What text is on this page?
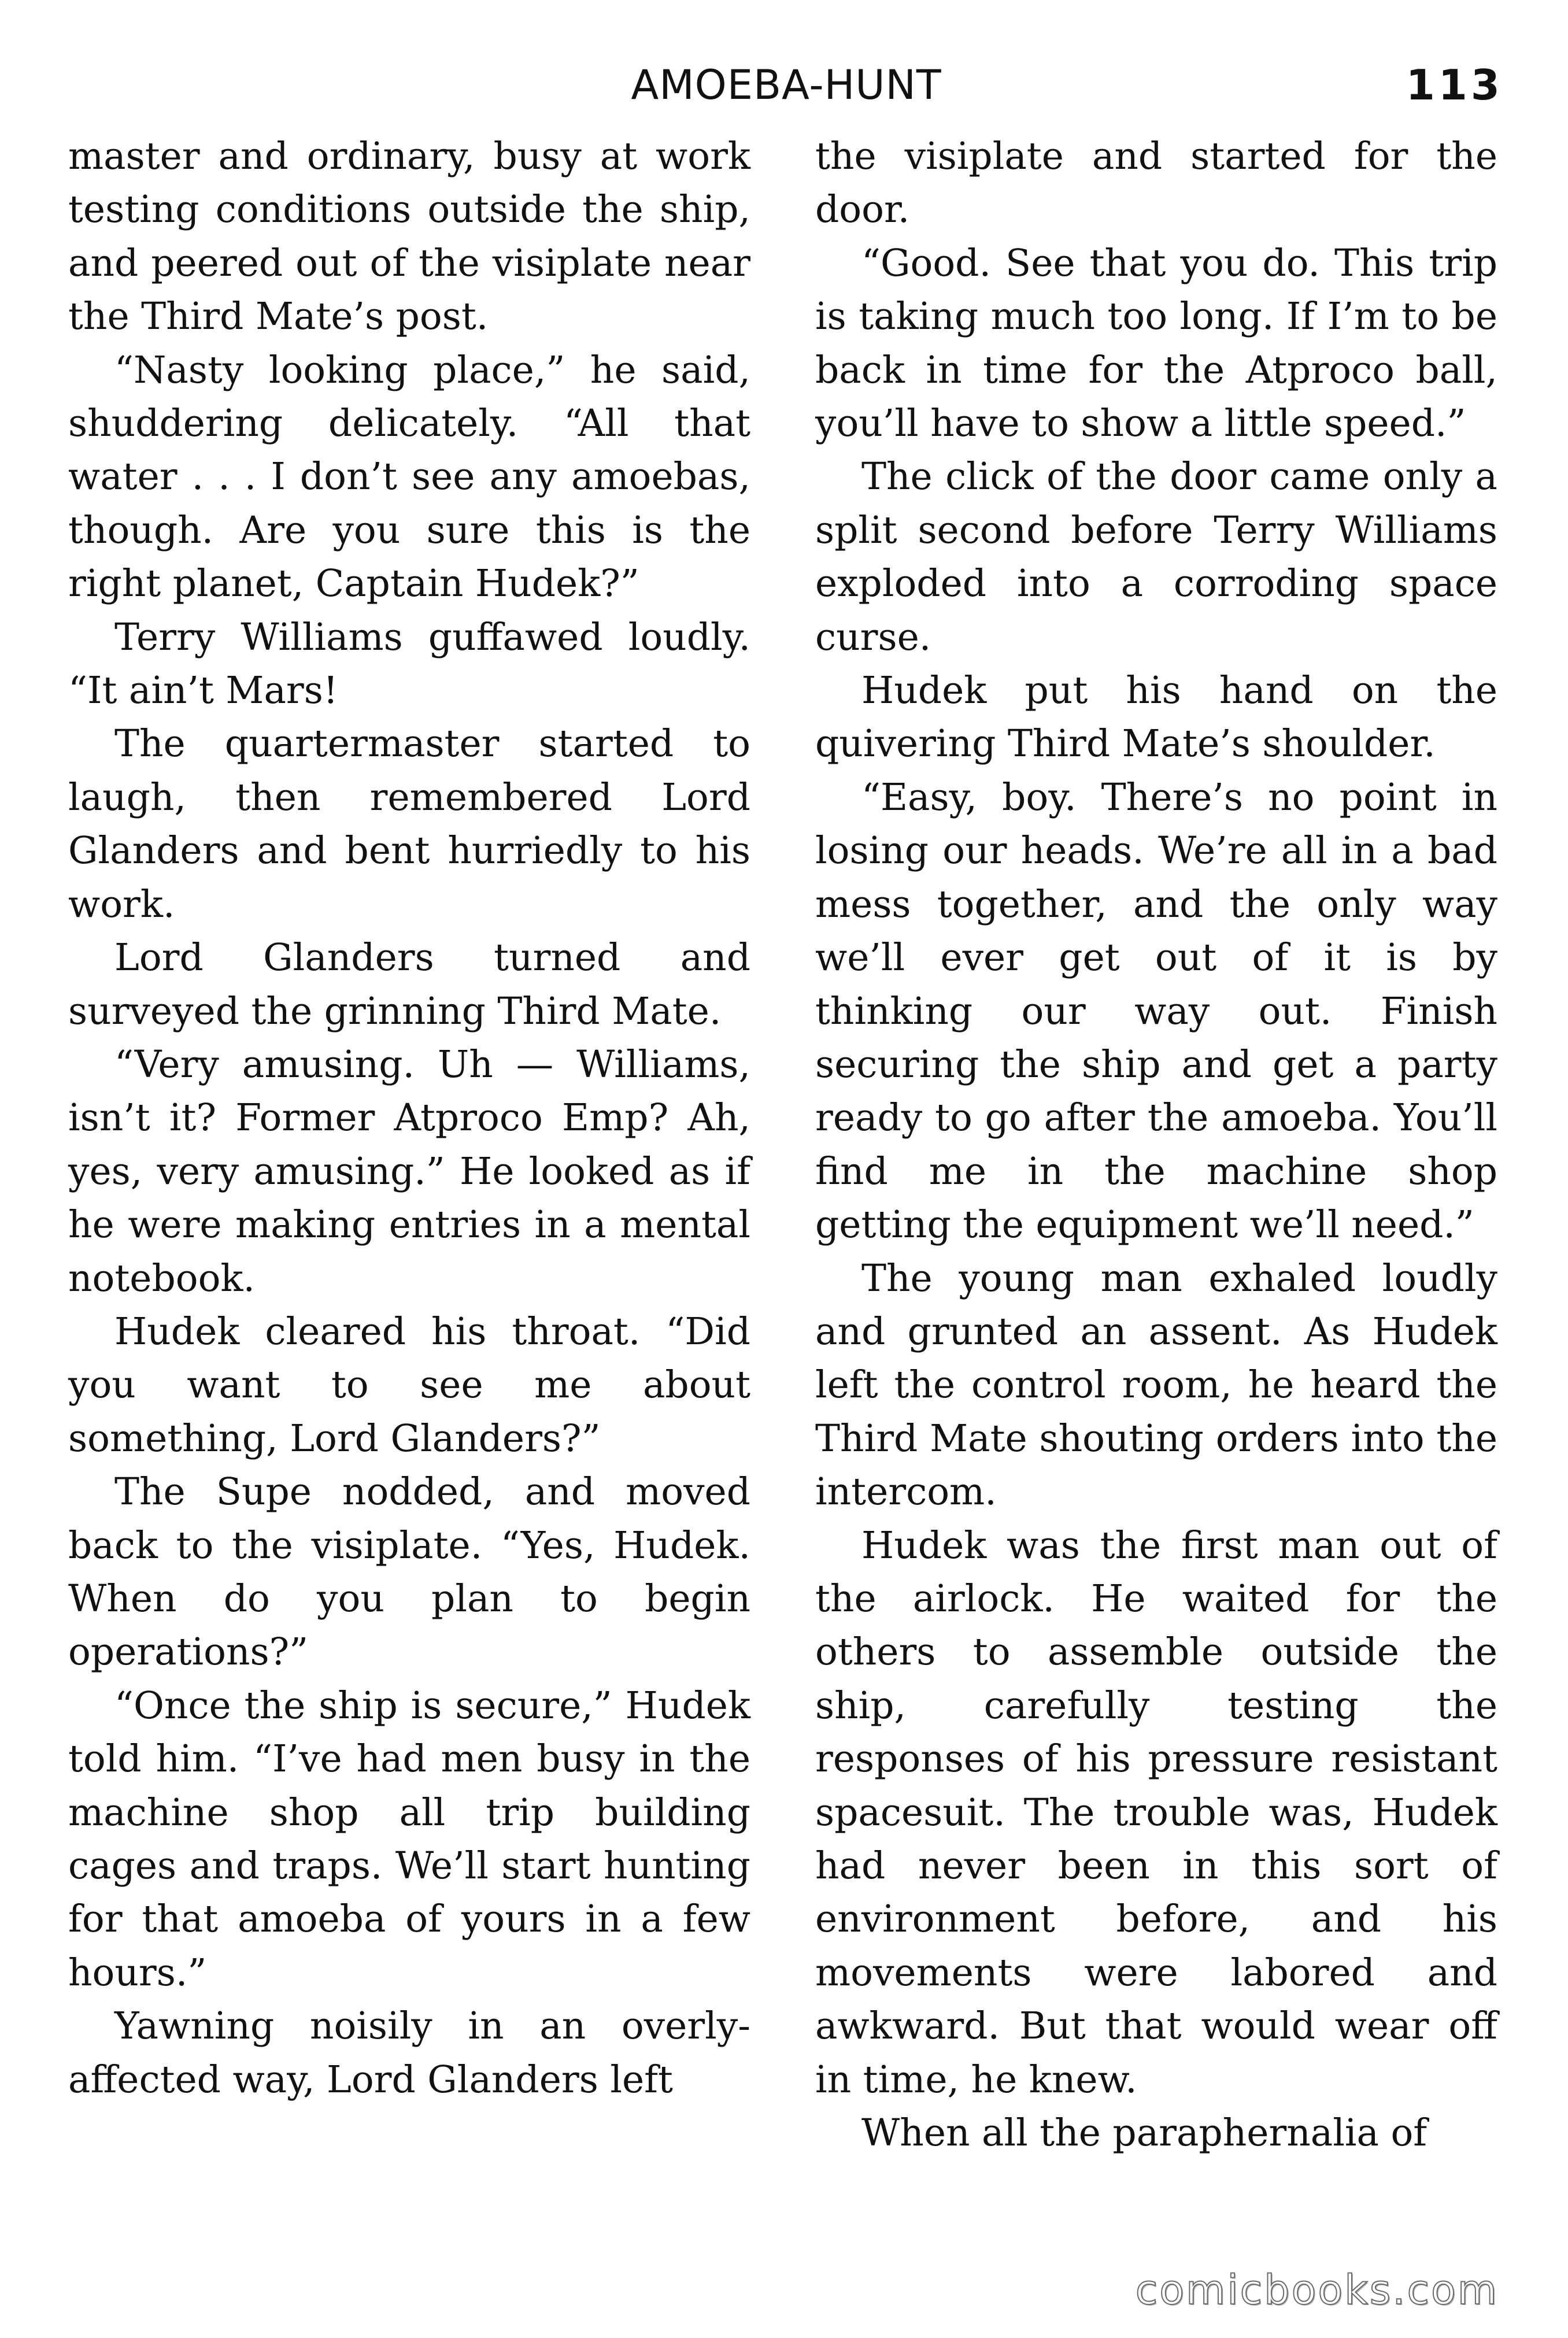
AMOEBA-HUNT	113

master and ordinary, busy at work testing conditions outside the ship, and peered out of the visiplate near the Third Mate’s post.

“Nasty looking place,” he said, shuddering delicately. “All that water . . . I don’t see any amoebas, though. Are you sure this is the right planet, Captain Hudek?”

Terry Williams guffawed loudly. “It ain’t Mars!

The quartermaster started to laugh, then remembered Lord Glanders and bent hurriedly to his work.

Lord Glanders turned and surveyed the grinning Third Mate.

“Very amusing. Uh — Williams, isn’t it? Former Atproco Emp? Ah, yes, very amusing.” He looked as if he were making entries in a mental notebook.

Hudek cleared his throat. “Did you want to see me about something, Lord Glanders?”

The Supe nodded, and moved back to the visiplate. “Yes, Hudek. When do you plan to begin operations?”

“Once the ship is secure,” Hudek told him. “I’ve had men busy in the machine shop all trip building cages and traps. We’ll start hunting for that amoeba of yours in a few hours.”

Yawning noisily in an overly-affected way, Lord Glanders left

the visiplate and started for the door.

“Good. See that you do. This trip is taking much too long. If I’m to be back in time for the Atproco ball, you’ll have to show a little speed.”

The click of the door came only a split second before Terry Williams exploded into a corroding space curse.

Hudek put his hand on the quivering Third Mate’s shoulder.

“Easy, boy. There’s no point in losing our heads. We’re all in a bad mess together, and the only way we’ll ever get out of it is by thinking our way out. Finish securing the ship and get a party ready to go after the amoeba. You’ll find me in the machine shop getting the equipment we’ll need.”

The young man exhaled loudly and grunted an assent. As Hudek left the control room, he heard the Third Mate shouting orders into the intercom.

Hudek was the first man out of the airlock. He waited for the others to assemble outside the ship, carefully testing the responses of his pressure resistant spacesuit. The trouble was, Hudek had never been in this sort of environment before, and his movements were labored and awkward. But that would wear off in time, he knew.

When all the paraphernalia of

comicbooks.com
